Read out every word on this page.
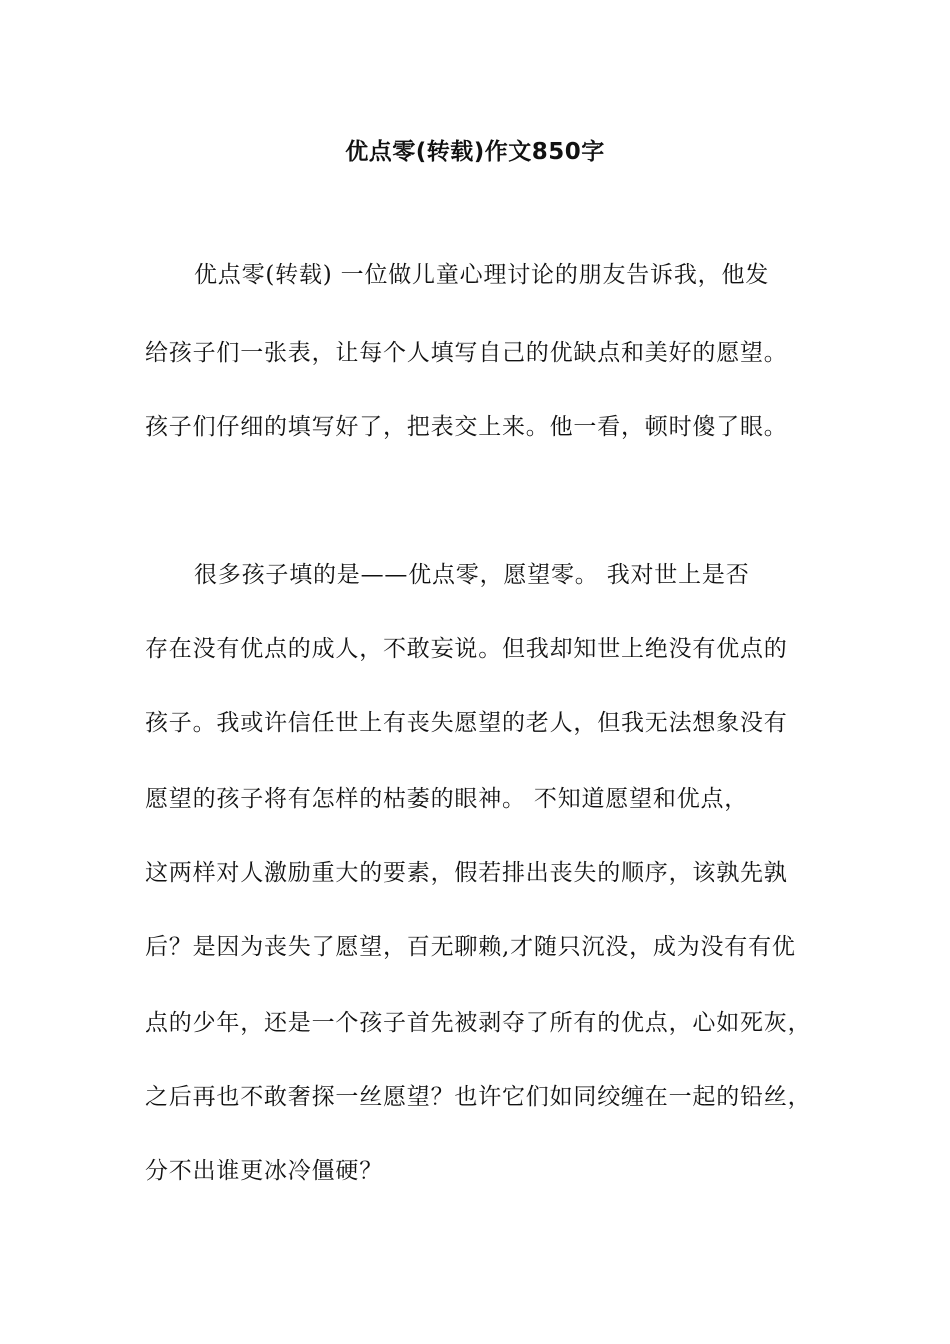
优点零(转载)作文850字
优点零(转载) 一位做儿童心理讨论的朋友告诉我，他发
给孩子们一张表，让每个人填写自己的优缺点和美好的愿望。
孩子们仔细的填写好了，把表交上来。他一看，顿时傻了眼。
很多孩子填的是——优点零，愿望零。 我对世上是否
存在没有优点的成人，不敢妄说。但我却知世上绝没有优点的
孩子。我或许信任世上有丧失愿望的老人，但我无法想象没有
愿望的孩子将有怎样的枯萎的眼神。 不知道愿望和优点，
这两样对人激励重大的要素，假若排出丧失的顺序，该孰先孰
后？是因为丧失了愿望，百无聊赖,才随只沉没，成为没有有优
点的少年，还是一个孩子首先被剥夺了所有的优点，心如死灰，
之后再也不敢奢探一丝愿望？也许它们如同绞缠在一起的铅丝，
分不出谁更冰冷僵硬？
